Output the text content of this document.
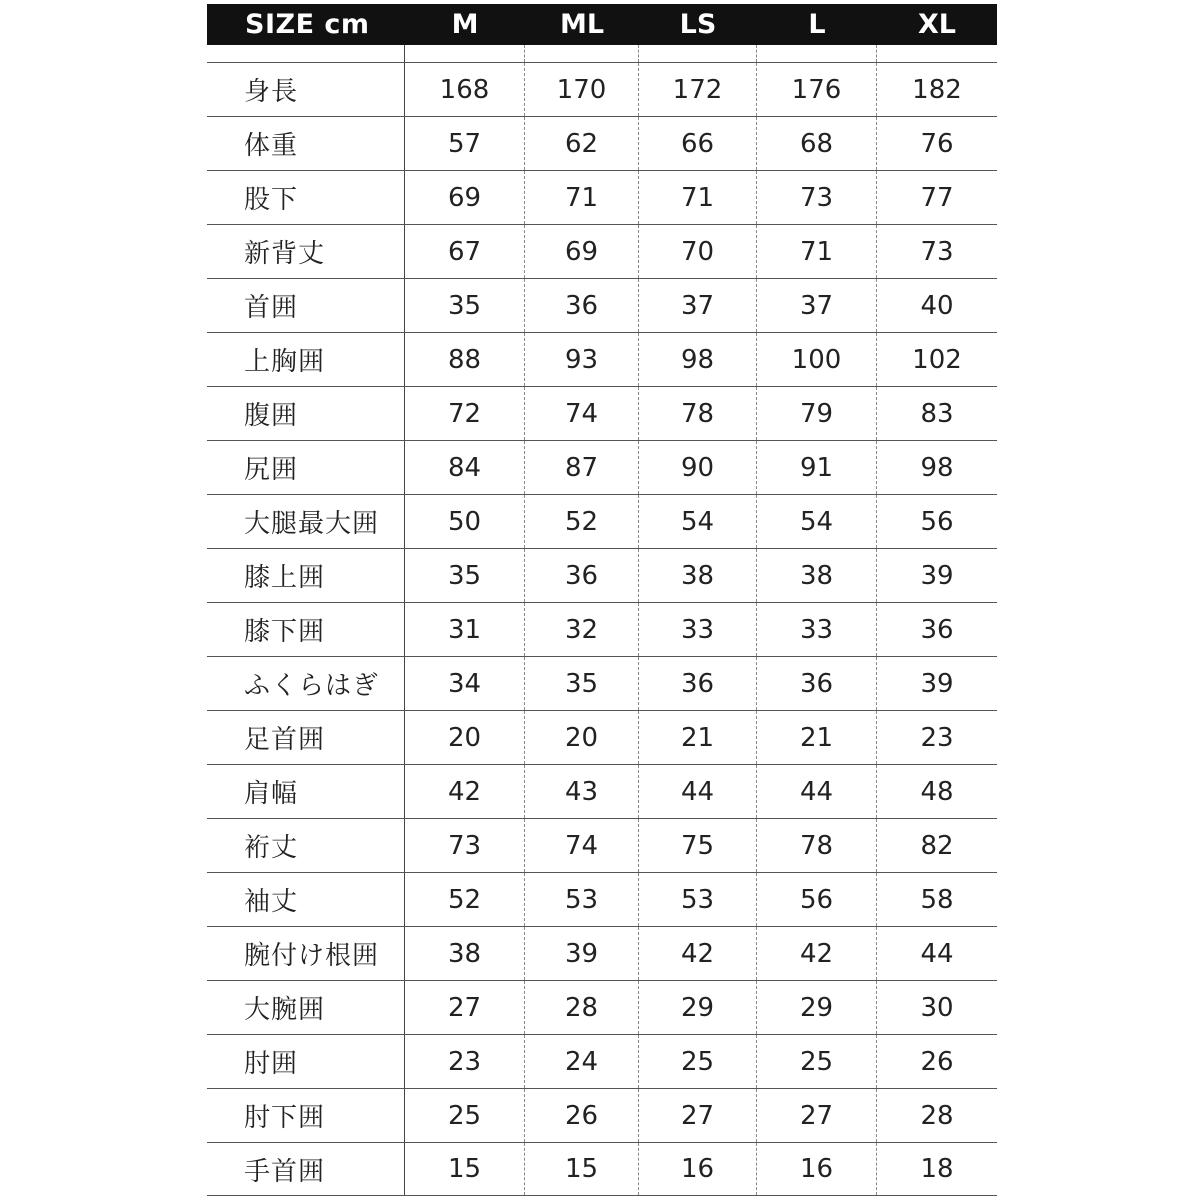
SIZE cm	M	ML	LS	L	XL
身長	168	170	172	176	182
体重	57	62	66	68	76
股下	69	71	71	73	77
新背丈	67	69	70	71	73
首囲	35	36	37	37	40
上胸囲	88	93	98	100	102
腹囲	72	74	78	79	83
尻囲	84	87	90	91	98
大腿最大囲	50	52	54	54	56
膝上囲	35	36	38	38	39
膝下囲	31	32	33	33	36
ふくらはぎ	34	35	36	36	39
足首囲	20	20	21	21	23
肩幅	42	43	44	44	48
裄丈	73	74	75	78	82
袖丈	52	53	53	56	58
腕付け根囲	38	39	42	42	44
大腕囲	27	28	29	29	30
肘囲	23	24	25	25	26
肘下囲	25	26	27	27	28
手首囲	15	15	16	16	18
